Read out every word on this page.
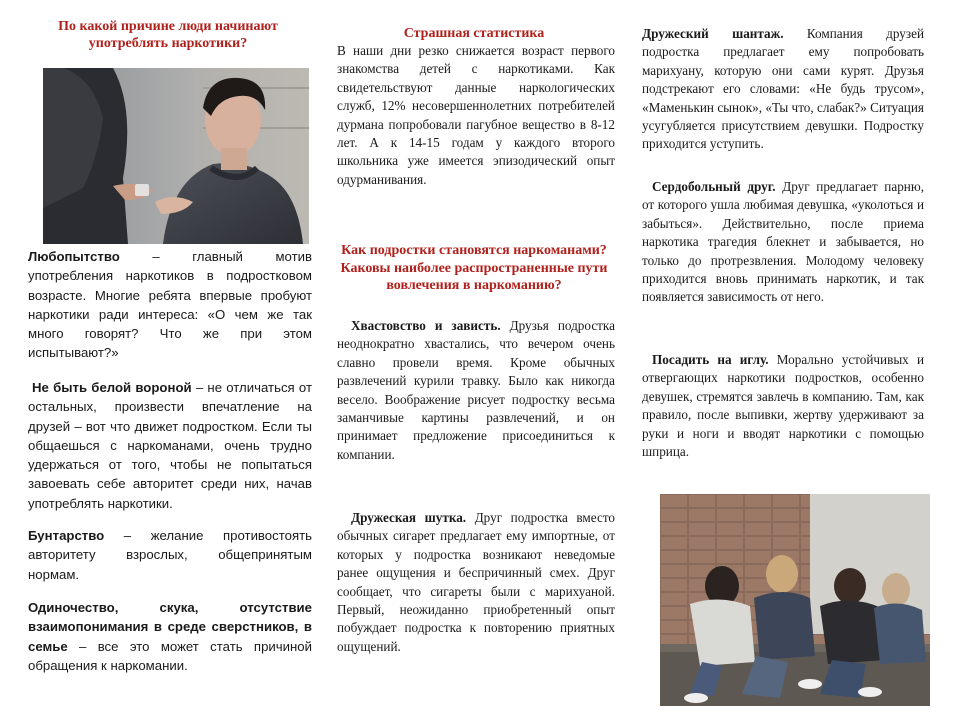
По какой причине люди начинают употреблять наркотики?
Любопытство – главный мотив употребления наркотиков в подростковом возрасте. Многие ребята впервые пробуют наркотики ради интереса: «О чем же так много говорят? Что же при этом испытывают?»
Не быть белой вороной – не отличаться от остальных, произвести впечатление на друзей – вот что движет подростком. Если ты общаешься с наркоманами, очень трудно удержаться от того, чтобы не попытаться завоевать себе авторитет среди них, начав употреблять наркотики.
Бунтарство – желание противостоять авторитету взрослых, общепринятым нормам.
Одиночество, скука, отсутствие взаимопонимания в среде сверстников, в семье – все это может стать причиной обращения к наркомании.
Страшная статистика
В наши дни резко снижается возраст первого знакомства детей с наркотиками. Как свидетельствуют данные наркологических служб, 12% несовершеннолетних потребителей дурмана попробовали пагубное вещество в 8-12 лет. А к 14-15 годам у каждого второго школьника уже имеется эпизодический опыт одурманивания.
Как подростки становятся наркоманами? Каковы наиболее распространенные пути вовлечения в наркоманию?
Хвастовство и зависть. Друзья подростка неоднократно хвастались, что вечером очень славно провели время. Кроме обычных развлечений курили травку. Было как никогда весело. Воображение рисует подростку весьма заманчивые картины развлечений, и он принимает предложение присоединиться к компании.
Дружеская шутка. Друг подростка вместо обычных сигарет предлагает ему импортные, от которых у подростка возникают неведомые ранее ощущения и беспричинный смех. Друг сообщает, что сигареты были с марихуаной. Первый, неожиданно приобретенный опыт побуждает подростка к повторению приятных ощущений.
Дружеский шантаж. Компания друзей подростка предлагает ему попробовать марихуану, которую они сами курят. Друзья подстрекают его словами: «Не будь трусом», «Маменькин сынок», «Ты что, слабак?» Ситуация усугубляется присутствием девушки. Подростку приходится уступить.
Сердобольный друг. Друг предлагает парню, от которого ушла любимая девушка, «уколоться и забыться». Действительно, после приема наркотика трагедия блекнет и забывается, но только до протрезвления. Молодому человеку приходится вновь принимать наркотик, и так появляется зависимость от него.
Посадить на иглу. Морально устойчивых и отвергающих наркотики подростков, особенно девушек, стремятся завлечь в компанию. Там, как правило, после выпивки, жертву удерживают за руки и ноги и вводят наркотики с помощью шприца.
